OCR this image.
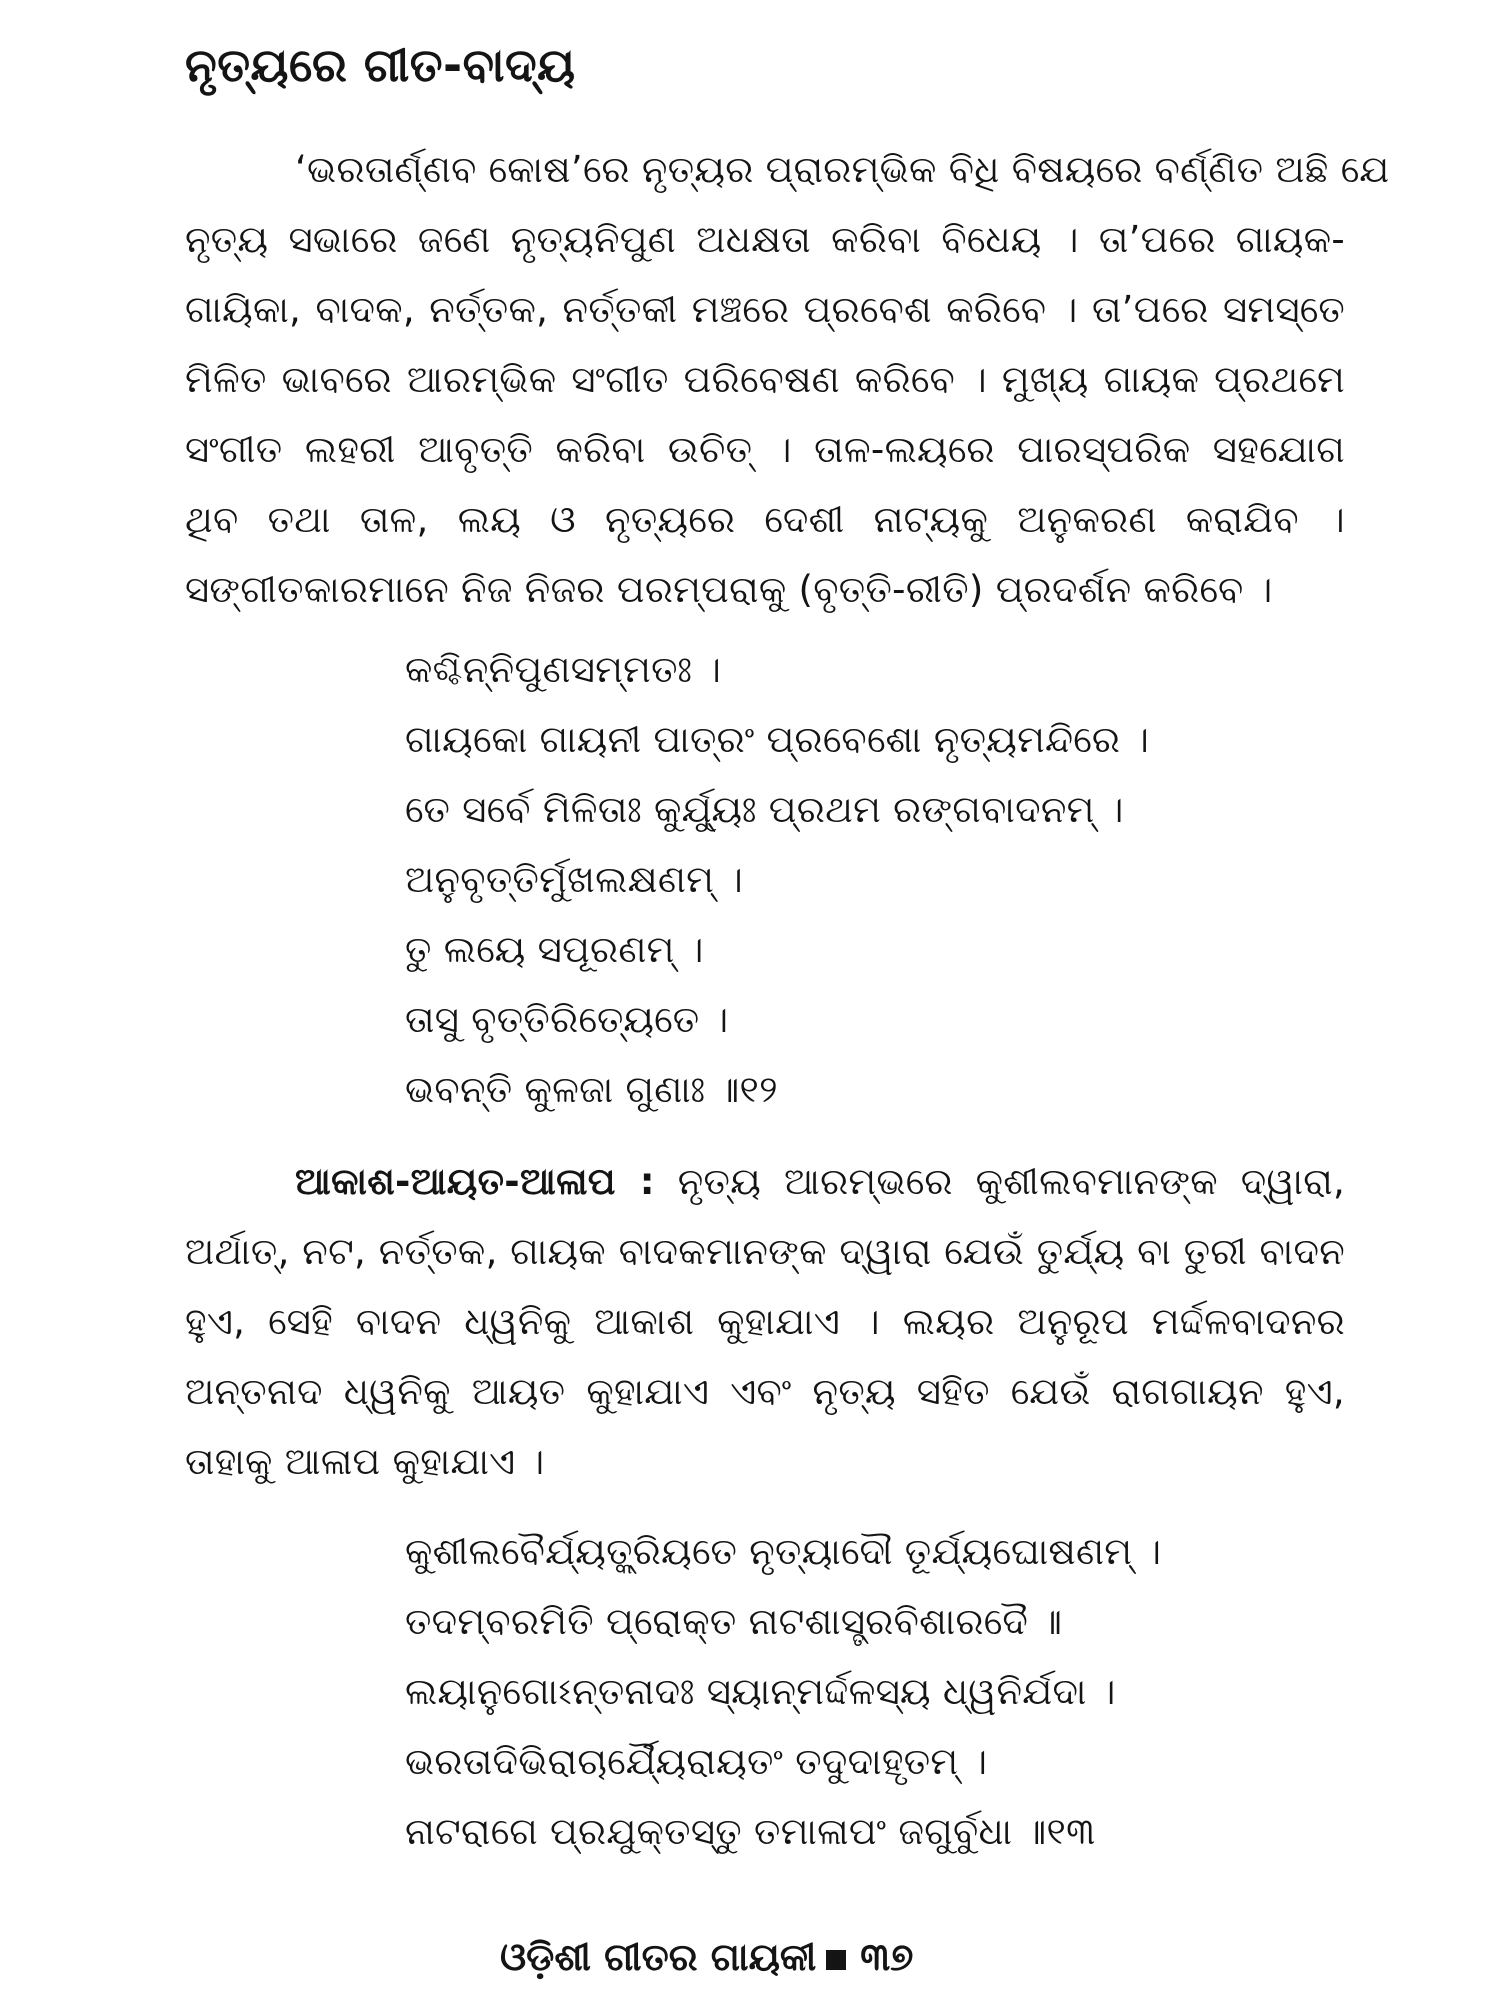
ନୃତ୍ୟରେ ଗୀତ-ବାଦ୍ୟ
‘ଭରତାର୍ଣ୍ଣବ କୋଷ’ରେ ନୃତ୍ୟର ପ୍ରାରମ୍ଭିକ ବିଧି ବିଷୟରେ ବର୍ଣ୍ଣିତ ଅଛି ଯେ
ନୃତ୍ୟ ସଭାରେ ଜଣେ ନୃତ୍ୟନିପୁଣ ଅଧକ୍ଷତା କରିବା ବିଧେୟ । ତା’ପରେ ଗାୟକ-
ଗାୟିକା, ବାଦକ, ନର୍ତ୍ତକ, ନର୍ତ୍ତକୀ ମଞ୍ଚରେ ପ୍ରବେଶ କରିବେ । ତା’ପରେ ସମସ୍ତେ
ମିଳିତ ଭାବରେ ଆରମ୍ଭିକ ସଂଗୀତ ପରିବେଷଣ କରିବେ । ମୁଖ୍ୟ ଗାୟକ ପ୍ରଥମେ
ସଂଗୀତ ଲହରୀ ଆବୃତ୍ତି କରିବା ଉଚିତ୍ । ତାଳ-ଲୟରେ ପାରସ୍ପରିକ ସହଯୋଗ
ଥିବ ତଥା ତାଳ, ଲୟ ଓ ନୃତ୍ୟରେ ଦେଶୀ ନାଟ୍ୟକୁ ଅନୁକରଣ କରାଯିବ ।
ସଙ୍ଗୀତକାରମାନେ ନିଜ ନିଜର ପରମ୍ପରାକୁ (ବୃତ୍ତି-ରୀତି) ପ୍ରଦର୍ଶନ କରିବେ ।
କଶ୍ଚିନ୍ନିପୁଣସମ୍ମତଃ ।
ଗାୟକୋ ଗାୟନୀ ପାତ୍ରଂ ପ୍ରବେଶୋ ନୃତ୍ୟମନ୍ଦିରେ ।
ତେ ସର୍ବେ ମିଳିତାଃ କୁର୍ଯ୍ୟୁଃ ପ୍ରଥମ ରଙ୍ଗବାଦନମ୍ ।
ଅନୁବୃତ୍ତିର୍ମୁଖଲକ୍ଷଣମ୍ ।
ତୁ ଲୟେ ସପୂରଣମ୍ ।
ତାସୁ ବୃତ୍ତିରିତ୍ୟେତେ ।
ଭବନ୍ତି କୁଳଜା ଗୁଣାଃ ॥୧୨
ଆକାଶ-ଆୟତ-ଆଳାପ : ନୃତ୍ୟ ଆରମ୍ଭରେ କୁଶୀଲବମାନଙ୍କ ଦ୍ୱାରା,
ଅର୍ଥାତ୍, ନଟ, ନର୍ତ୍ତକ, ଗାୟକ ବାଦକମାନଙ୍କ ଦ୍ୱାରା ଯେଉଁ ତୁର୍ଯ୍ୟ ବା ତୁରୀ ବାଦନ
ହୁଏ, ସେହି ବାଦନ ଧ୍ୱନିକୁ ଆକାଶ କୁହାଯାଏ । ଲୟର ଅନୁରୂପ ମର୍ଦ୍ଦଳବାଦନର
ଅନ୍ତନାଦ ଧ୍ୱନିକୁ ଆୟତ କୁହାଯାଏ ଏବଂ ନୃତ୍ୟ ସହିତ ଯେଉଁ ରାଗଗାୟନ ହୁଏ,
ତାହାକୁ ଆଳାପ କୁହାଯାଏ ।
କୁଶୀଲବୈର୍ଯ୍ୟତ୍କ୍ରିୟତେ ନୃତ୍ୟାଦୌ ତୂର୍ଯ୍ୟଘୋଷଣମ୍ ।
ତଦମ୍ବରମିତି ପ୍ରୋକ୍ତ ନାଟଶାସ୍ତ୍ରବିଶାରଦୈ ॥
ଲୟାନୁଗୋଽନ୍ତନାଦଃ ସ୍ୟାନ୍ମର୍ଦ୍ଦଳସ୍ୟ ଧ୍ୱନିର୍ଯଦା ।
ଭରତାଦିଭିରାଚାର୍ଯ୍ୟୈରାୟତଂ ତଦୁଦାହୃତମ୍ ।
ନାଟରାଗେ ପ୍ରଯୁକ୍ତସ୍ତୁ ତମାଳାପଂ ଜଗୁର୍ବୁଧା ॥୧୩
ଓଡ଼ିଶୀ ଗୀତର ଗାୟକୀ ୩୭
